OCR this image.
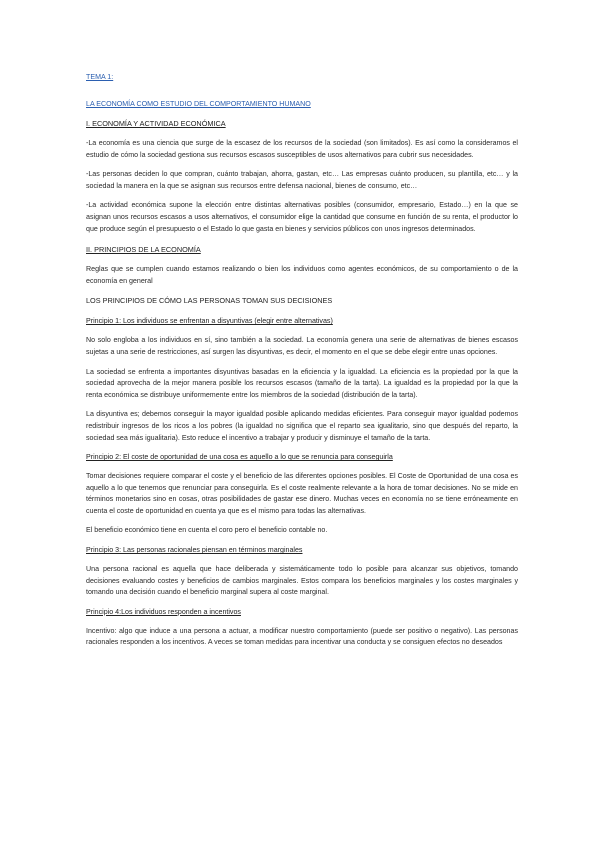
TEMA 1:

LA ECONOMÍA COMO ESTUDIO DEL COMPORTAMIENTO HUMANO

I. ECONOMÍA Y ACTIVIDAD ECONÓMICA

-La economía es una ciencia que surge de la escasez de los recursos de la sociedad (son limitados). Es así como la consideramos el estudio de cómo la sociedad gestiona sus recursos escasos susceptibles de usos alternativos para cubrir sus necesidades.

-Las personas deciden lo que compran, cuánto trabajan, ahorra, gastan, etc… Las empresas cuánto producen, su plantilla, etc… y la sociedad la manera en la que se asignan sus recursos entre defensa nacional, bienes de consumo, etc…

-La actividad económica supone la elección entre distintas alternativas posibles (consumidor, empresario, Estado…) en la que se asignan unos recursos escasos a usos alternativos, el consumidor elige la cantidad que consume en función de su renta, el productor lo que produce según el presupuesto o el Estado lo que gasta en bienes y servicios públicos con unos ingresos determinados.

II. PRINCIPIOS DE LA ECONOMÍA

Reglas que se cumplen cuando estamos realizando o bien los individuos como agentes económicos, de su comportamiento o de la economía en general

LOS PRINCIPIOS DE CÓMO LAS PERSONAS TOMAN SUS DECISIONES

Principio 1: Los individuos se enfrentan a disyuntivas (elegir entre alternativas)

No solo engloba a los individuos en sí, sino también a la sociedad. La economía genera una serie de alternativas de bienes escasos sujetas a una serie de restricciones, así surgen las disyuntivas, es decir, el momento en el que se debe elegir entre unas opciones.

La sociedad se enfrenta a importantes disyuntivas basadas en la eficiencia y la igualdad. La eficiencia es la propiedad por la que la sociedad aprovecha de la mejor manera posible los recursos escasos (tamaño de la tarta). La igualdad es la propiedad por la que la renta económica se distribuye uniformemente entre los miembros de la sociedad (distribución de la tarta).

La disyuntiva es; debemos conseguir la mayor igualdad posible aplicando medidas eficientes. Para conseguir mayor igualdad podemos redistribuir ingresos de los ricos a los pobres (la igualdad no significa que el reparto sea igualitario, sino que después del reparto, la sociedad sea más igualitaria). Esto reduce el incentivo a trabajar y producir y disminuye el tamaño de la tarta.

Principio 2: El coste de oportunidad de una cosa es aquello a lo que se renuncia para conseguirla

Tomar decisiones requiere comparar el coste y el beneficio de las diferentes opciones posibles. El Coste de Oportunidad de una cosa es aquello a lo que tenemos que renunciar para conseguirla. Es el coste realmente relevante a la hora de tomar decisiones. No se mide en términos monetarios sino en cosas, otras posibilidades de gastar ese dinero. Muchas veces en economía no se tiene erróneamente en cuenta el coste de oportunidad en cuenta ya que es el mismo para todas las alternativas.

El beneficio económico tiene en cuenta el coro pero el beneficio contable no.

Principio 3: Las personas racionales piensan en términos marginales

Una persona racional es aquella que hace deliberada y sistemáticamente todo lo posible para alcanzar sus objetivos, tomando decisiones evaluando costes y beneficios de cambios marginales. Estos compara los beneficios marginales y los costes marginales y tomando una decisión cuando el beneficio marginal supera al coste marginal.

Principio 4:Los individuos responden a incentivos

Incentivo: algo que induce a una persona a actuar, a modificar nuestro comportamiento (puede ser positivo o negativo). Las personas racionales responden a los incentivos. A veces se toman medidas para incentivar una conducta y se consiguen efectos no deseados
